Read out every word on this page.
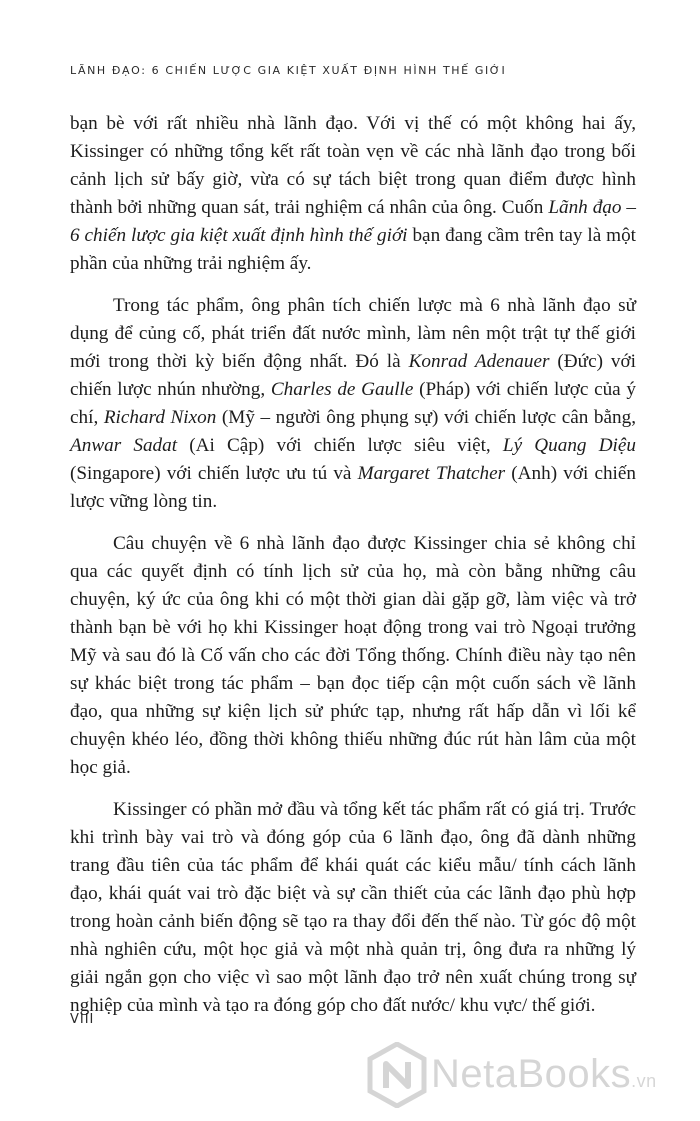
LÃNH ĐẠO: 6 CHIẾN LƯỢC GIA KIỆT XUẤT ĐỊNH HÌNH THẾ GIỚI

bạn bè với rất nhiều nhà lãnh đạo. Với vị thế có một không hai ấy, Kissinger có những tổng kết rất toàn vẹn về các nhà lãnh đạo trong bối cảnh lịch sử bấy giờ, vừa có sự tách biệt trong quan điểm được hình thành bởi những quan sát, trải nghiệm cá nhân của ông. Cuốn Lãnh đạo – 6 chiến lược gia kiệt xuất định hình thế giới bạn đang cầm trên tay là một phần của những trải nghiệm ấy.

Trong tác phẩm, ông phân tích chiến lược mà 6 nhà lãnh đạo sử dụng để củng cố, phát triển đất nước mình, làm nên một trật tự thế giới mới trong thời kỳ biến động nhất. Đó là Konrad Adenauer (Đức) với chiến lược nhún nhường, Charles de Gaulle (Pháp) với chiến lược của ý chí, Richard Nixon (Mỹ – người ông phụng sự) với chiến lược cân bằng, Anwar Sadat (Ai Cập) với chiến lược siêu việt, Lý Quang Diệu (Singapore) với chiến lược ưu tú và Margaret Thatcher (Anh) với chiến lược vững lòng tin.

Câu chuyện về 6 nhà lãnh đạo được Kissinger chia sẻ không chỉ qua các quyết định có tính lịch sử của họ, mà còn bằng những câu chuyện, ký ức của ông khi có một thời gian dài gặp gỡ, làm việc và trở thành bạn bè với họ khi Kissinger hoạt động trong vai trò Ngoại trưởng Mỹ và sau đó là Cố vấn cho các đời Tổng thống. Chính điều này tạo nên sự khác biệt trong tác phẩm – bạn đọc tiếp cận một cuốn sách về lãnh đạo, qua những sự kiện lịch sử phức tạp, nhưng rất hấp dẫn vì lối kể chuyện khéo léo, đồng thời không thiếu những đúc rút hàn lâm của một học giả.

Kissinger có phần mở đầu và tổng kết tác phẩm rất có giá trị. Trước khi trình bày vai trò và đóng góp của 6 lãnh đạo, ông đã dành những trang đầu tiên của tác phẩm để khái quát các kiểu mẫu/ tính cách lãnh đạo, khái quát vai trò đặc biệt và sự cần thiết của các lãnh đạo phù hợp trong hoàn cảnh biến động sẽ tạo ra thay đổi đến thế nào. Từ góc độ một nhà nghiên cứu, một học giả và một nhà quản trị, ông đưa ra những lý giải ngắn gọn cho việc vì sao một lãnh đạo trở nên xuất chúng trong sự nghiệp của mình và tạo ra đóng góp cho đất nước/ khu vực/ thế giới.

VIII
NetaBooks.vn
